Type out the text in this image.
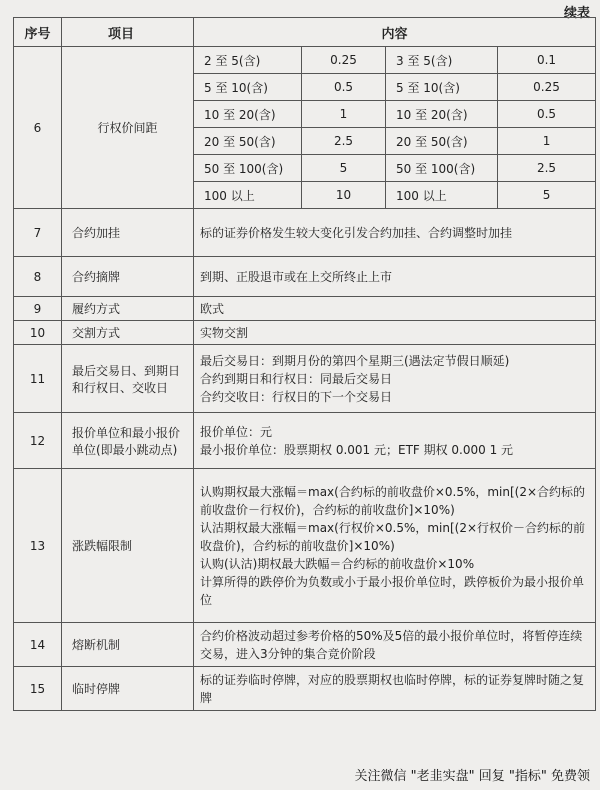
续表
序号	项目	内容			
6	行权价间距	2 至 5(含)	0.25	3 至 5(含)	0.1
		5 至 10(含)	0.5	5 至 10(含)	0.25
		10 至 20(含)	1	10 至 20(含)	0.5
		20 至 50(含)	2.5	20 至 50(含)	1
		50 至 100(含)	5	50 至 100(含)	2.5
		100 以上	10	100 以上	5
7	合约加挂	标的证券价格发生较大变化引发合约加挂、合约调整时加挂			

8	合约摘牌	到期、正股退市或在上交所终止上市			

9	履约方式	欧式			

10	交割方式	实物交割			

11	最后交易日、到期日和行权日、交收日	最后交易日：到期月份的第四个星期三(遇法定节假日顺延)
合约到期日和行权日：同最后交易日
合约交收日：行权日的下一个交易日			

12	报价单位和最小报价单位(即最小跳动点)	报价单位：元
最小报价单位：股票期权 0.001 元；ETF 期权 0.000 1 元			

13	涨跌幅限制	认购期权最大涨幅＝max(合约标的前收盘价×0.5%，min[(2×合约标的前收盘价－行权价)，合约标的前收盘价]×10%)
认沽期权最大涨幅＝max(行权价×0.5%，min[(2×行权价－合约标的前收盘价)，合约标的前收盘价]×10%)
认购(认沽)期权最大跌幅＝合约标的前收盘价×10%
计算所得的跌停价为负数或小于最小报价单位时，跌停板价为最小报价单位			

14	熔断机制	合约价格波动超过参考价格的50%及5倍的最小报价单位时，将暂停连续交易，进入3分钟的集合竞价阶段			

15	临时停牌	标的证券临时停牌，对应的股票期权也临时停牌，标的证券复牌时随之复牌			
关注微信 "老韭实盘" 回复 "指标" 免费领
